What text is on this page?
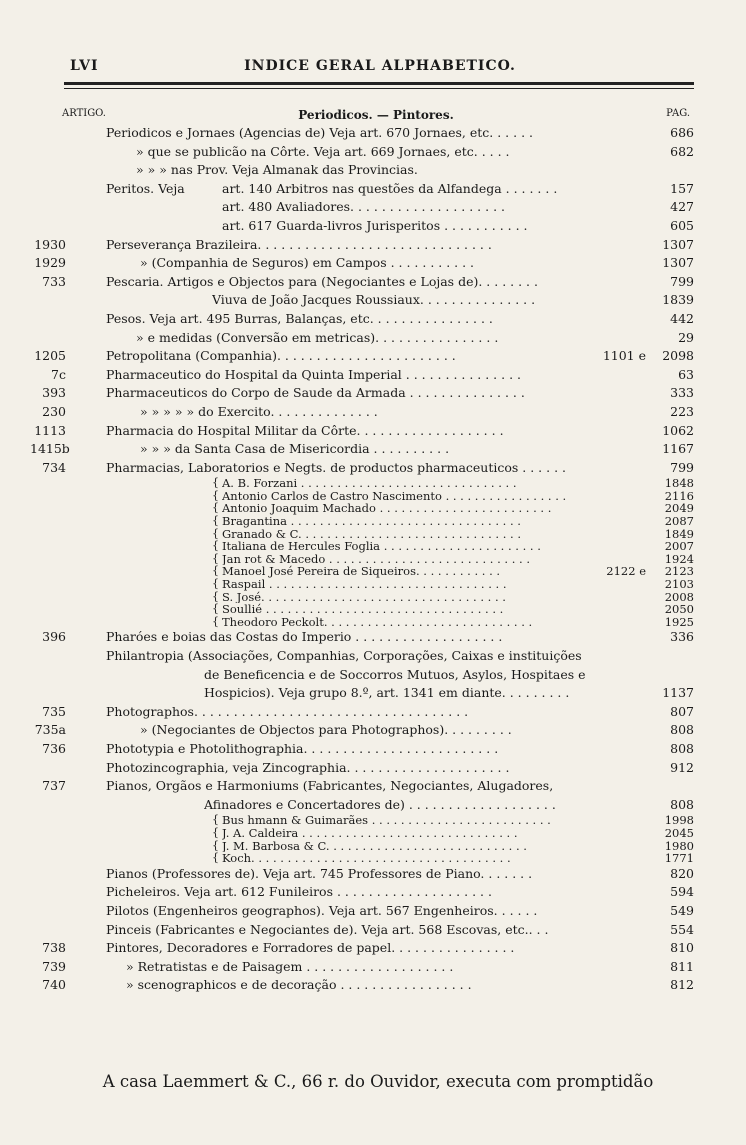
LVI	INDICE GERAL ALPHABETICO.
ARTIGO.	Periodicos. — Pintores.	PAG.
Periodicos e Jornaes (Agencias de) Veja art. 670 Jornaes, etc. . . . . .	686
» que se publicão na Côrte. Veja art. 669 Jornaes, etc. . . . .	682
» » » nas Prov. Veja Almanak das Provincias.
Peritos. Veja	art. 140 Arbitros nas questões da Alfandega . . . . . . .	157
art. 480 Avaliadores. . . . . . . . . . . . . . . . . . . .	427
art. 617 Guarda-livros Jurisperitos . . . . . . . . . . .	605
1930	Perseverança Brazileira. . . . . . . . . . . . . . . . . . . . . . . . . . . . . .	1307
1929	» (Companhia de Seguros) em Campos . . . . . . . . . . .	1307
733	Pescaria. Artigos e Objectos para (Negociantes e Lojas de). . . . . . . .	799
Viuva de João Jacques Roussiaux. . . . . . . . . . . . . . .	1839
Pesos. Veja art. 495 Burras, Balanças, etc. . . . . . . . . . . . . . . .	442
» e medidas (Conversão em metricas). . . . . . . . . . . . . . . .	29
1205	Petropolitana (Companhia). . . . . . . . . . . . . . . . . . . . . . .	1101 e	2098
7c	Pharmaceutico do Hospital da Quinta Imperial . . . . . . . . . . . . . . .	63
393	Pharmaceuticos do Corpo de Saude da Armada . . . . . . . . . . . . . . .	333
230	» » » » » do Exercito. . . . . . . . . . . . . .	223
1113	Pharmacia do Hospital Militar da Côrte. . . . . . . . . . . . . . . . . . .	1062
1415b	» » » da Santa Casa de Misericordia . . . . . . . . . .	1167
734	Pharmacias, Laboratorios e Negts. de productos pharmaceuticos . . . . . .	799
{ A. B. Forzani . . . . . . . . . . . . . . . . . . . . . . . . . . . . . .	1848
{ Antonio Carlos de Castro Nascimento . . . . . . . . . . . . . . . . .	2116
{ Antonio Joaquim Machado . . . . . . . . . . . . . . . . . . . . . . . .	2049
{ Bragantina . . . . . . . . . . . . . . . . . . . . . . . . . . . . . . . .	2087
{ Granado & C. . . . . . . . . . . . . . . . . . . . . . . . . . . . . . .	1849
{ Italiana de Hercules Foglia . . . . . . . . . . . . . . . . . . . . . .	2007
{ Jan rot & Macedo . . . . . . . . . . . . . . . . . . . . . . . . . . . .	1924
{ Manoel José Pereira de Siqueiros. . . . . . . . . . . .	2122 e	2123
{ Raspail . . . . . . . . . . . . . . . . . . . . . . . . . . . . . . . . .	2103
{ S. José. . . . . . . . . . . . . . . . . . . . . . . . . . . . . . . . . .	2008
{ Soullié . . . . . . . . . . . . . . . . . . . . . . . . . . . . . . . . .	2050
{ Theodoro Peckolt. . . . . . . . . . . . . . . . . . . . . . . . . . . . .	1925
396	Pharóes e boias das Costas do Imperio . . . . . . . . . . . . . . . . . . .	336
Philantropia (Associações, Companhias, Corporações, Caixas e instituições
de Beneficencia e de Soccorros Mutuos, Asylos, Hospitaes e
Hospicios). Veja grupo 8.º, art. 1341 em diante. . . . . . . . .	1137
735	Photographos. . . . . . . . . . . . . . . . . . . . . . . . . . . . . . . . . . .	807
735a	» (Negociantes de Objectos para Photographos). . . . . . . . .	808
736	Phototypia e Photolithographia. . . . . . . . . . . . . . . . . . . . . . . . .	808
Photozincographia, veja Zincographia. . . . . . . . . . . . . . . . . . . . .	912
737	Pianos, Orgãos e Harmoniums (Fabricantes, Negociantes, Alugadores,
Afinadores e Concertadores de) . . . . . . . . . . . . . . . . . . .	808
{ Bus hmann & Guimarães . . . . . . . . . . . . . . . . . . . . . . . . .	1998
{ J. A. Caldeira . . . . . . . . . . . . . . . . . . . . . . . . . . . . . .	2045
{ J. M. Barbosa & C. . . . . . . . . . . . . . . . . . . . . . . . . . . .	1980
{ Koch. . . . . . . . . . . . . . . . . . . . . . . . . . . . . . . . . . . .	1771
Pianos (Professores de). Veja art. 745 Professores de Piano. . . . . . .	820
Picheleiros. Veja art. 612 Funileiros . . . . . . . . . . . . . . . . . . . .	594
Pilotos (Engenheiros geographos). Veja art. 567 Engenheiros. . . . . .	549
Pinceis (Fabricantes e Negociantes de). Veja art. 568 Escovas, etc.. . .	554
738	Pintores, Decoradores e Forradores de papel. . . . . . . . . . . . . . . .	810
739	» Retratistas e de Paisagem . . . . . . . . . . . . . . . . . . .	811
740	» scenographicos e de decoração . . . . . . . . . . . . . . . . .	812
A casa Laemmert & C., 66 r. do Ouvidor, executa com promptidão
